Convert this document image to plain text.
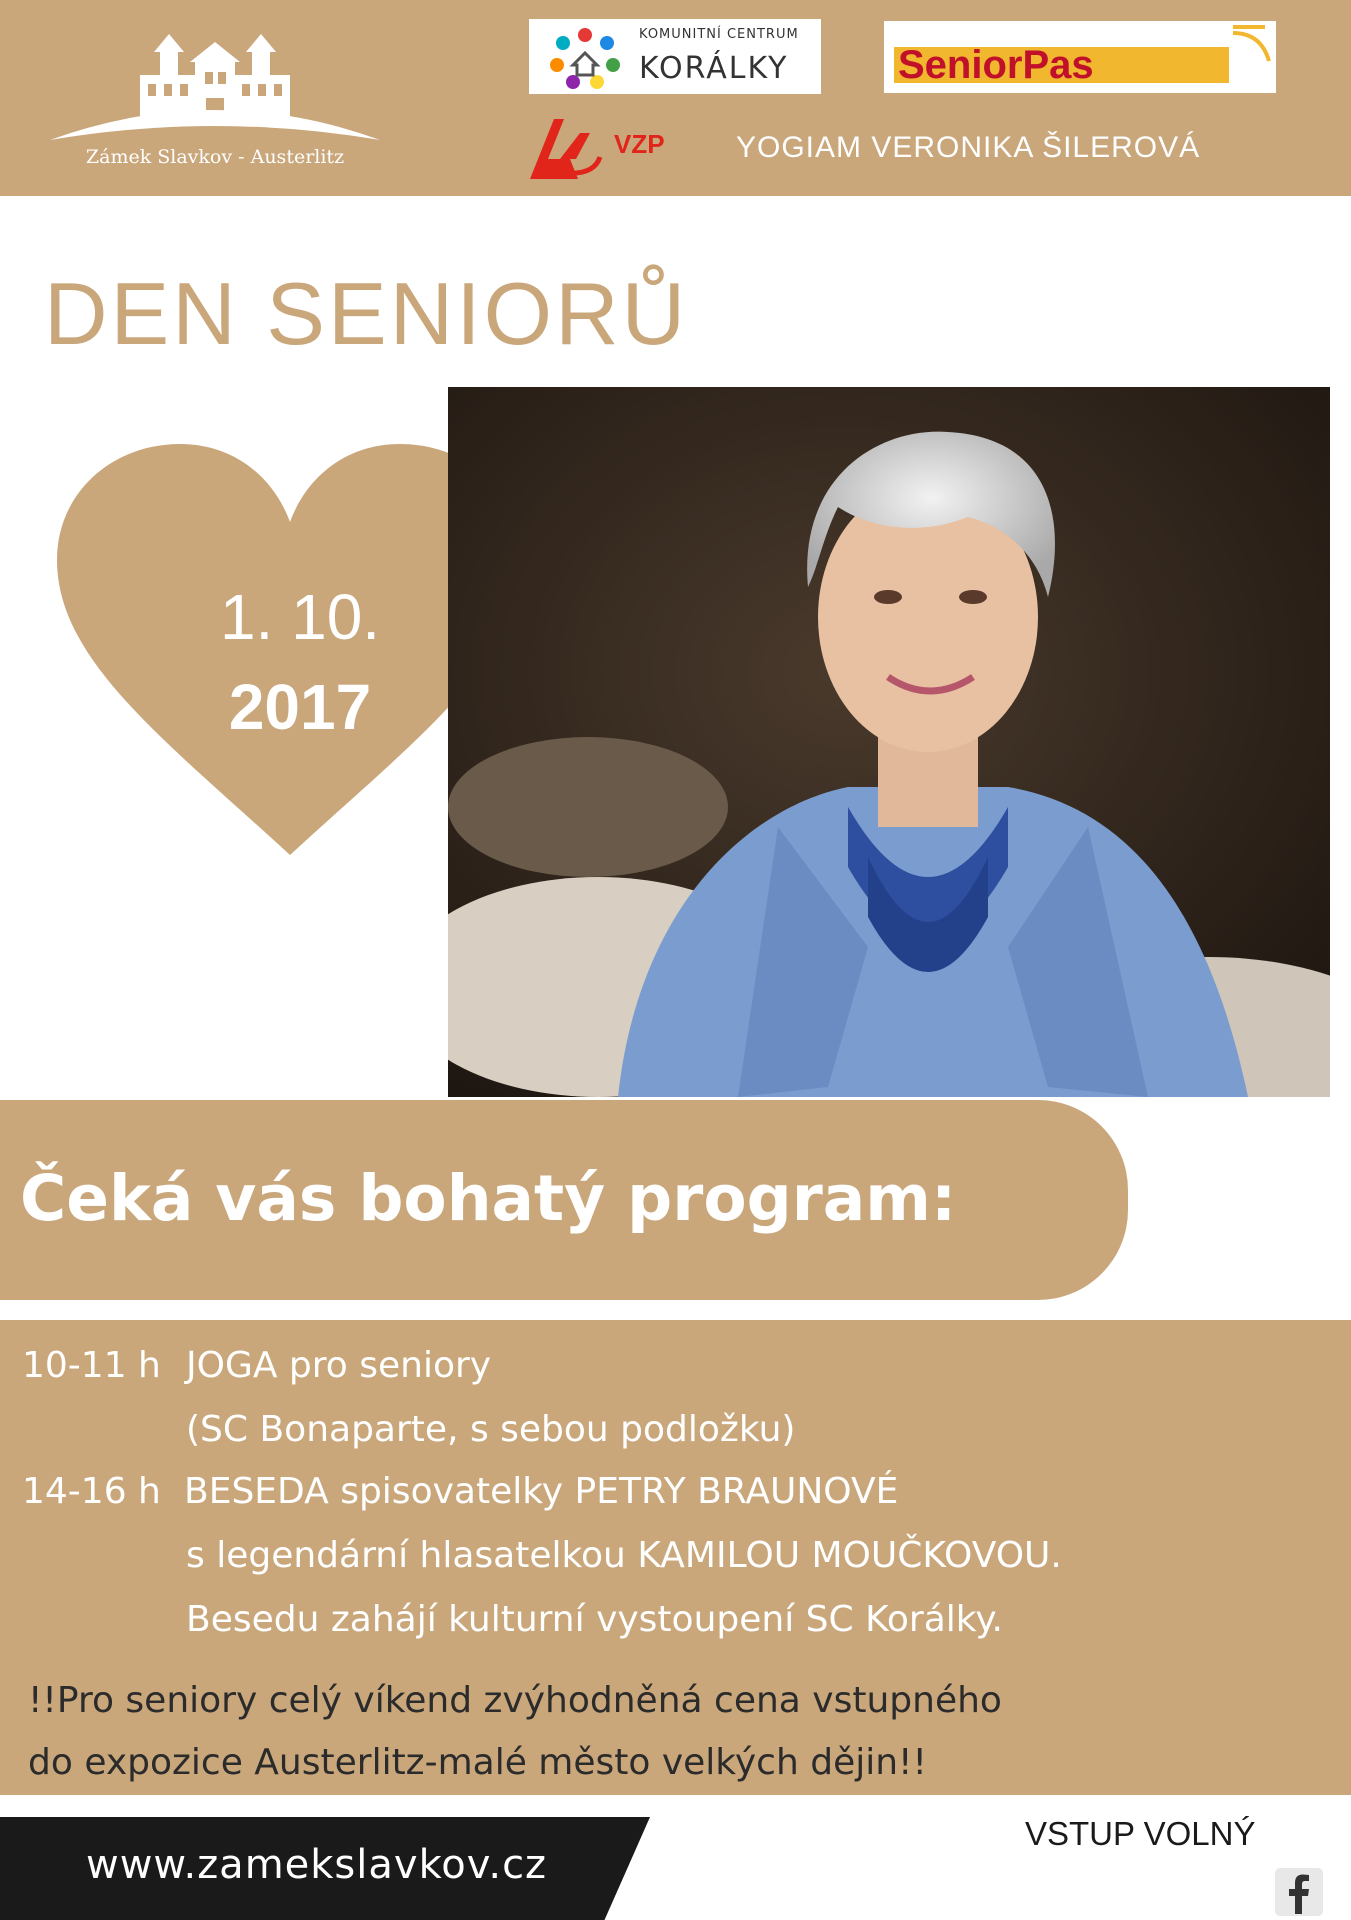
Zámek Slavkov - Austerlitz
KOMUNITNÍ CENTRUM
KORÁLKY	SeniorPas
VZP YOGIAM VERONIKA ŠILEROVÁ
DEN SENIORŮ
1. 10.
2017
Čeká vás bohatý program:
10-11 h JOGA pro seniory
(SC Bonaparte, s sebou podložku)
14-16 h BESEDA spisovatelky PETRY BRAUNOVÉ
s legendární hlasatelkou KAMILOU MOUČKOVOU.
Besedu zahájí kulturní vystoupení SC Korálky.
!!Pro seniory celý víkend zvýhodněná cena vstupného
do expozice Austerlitz-malé město velkých dějin!!
www.zamekslavkov.cz
VSTUP VOLNÝ
